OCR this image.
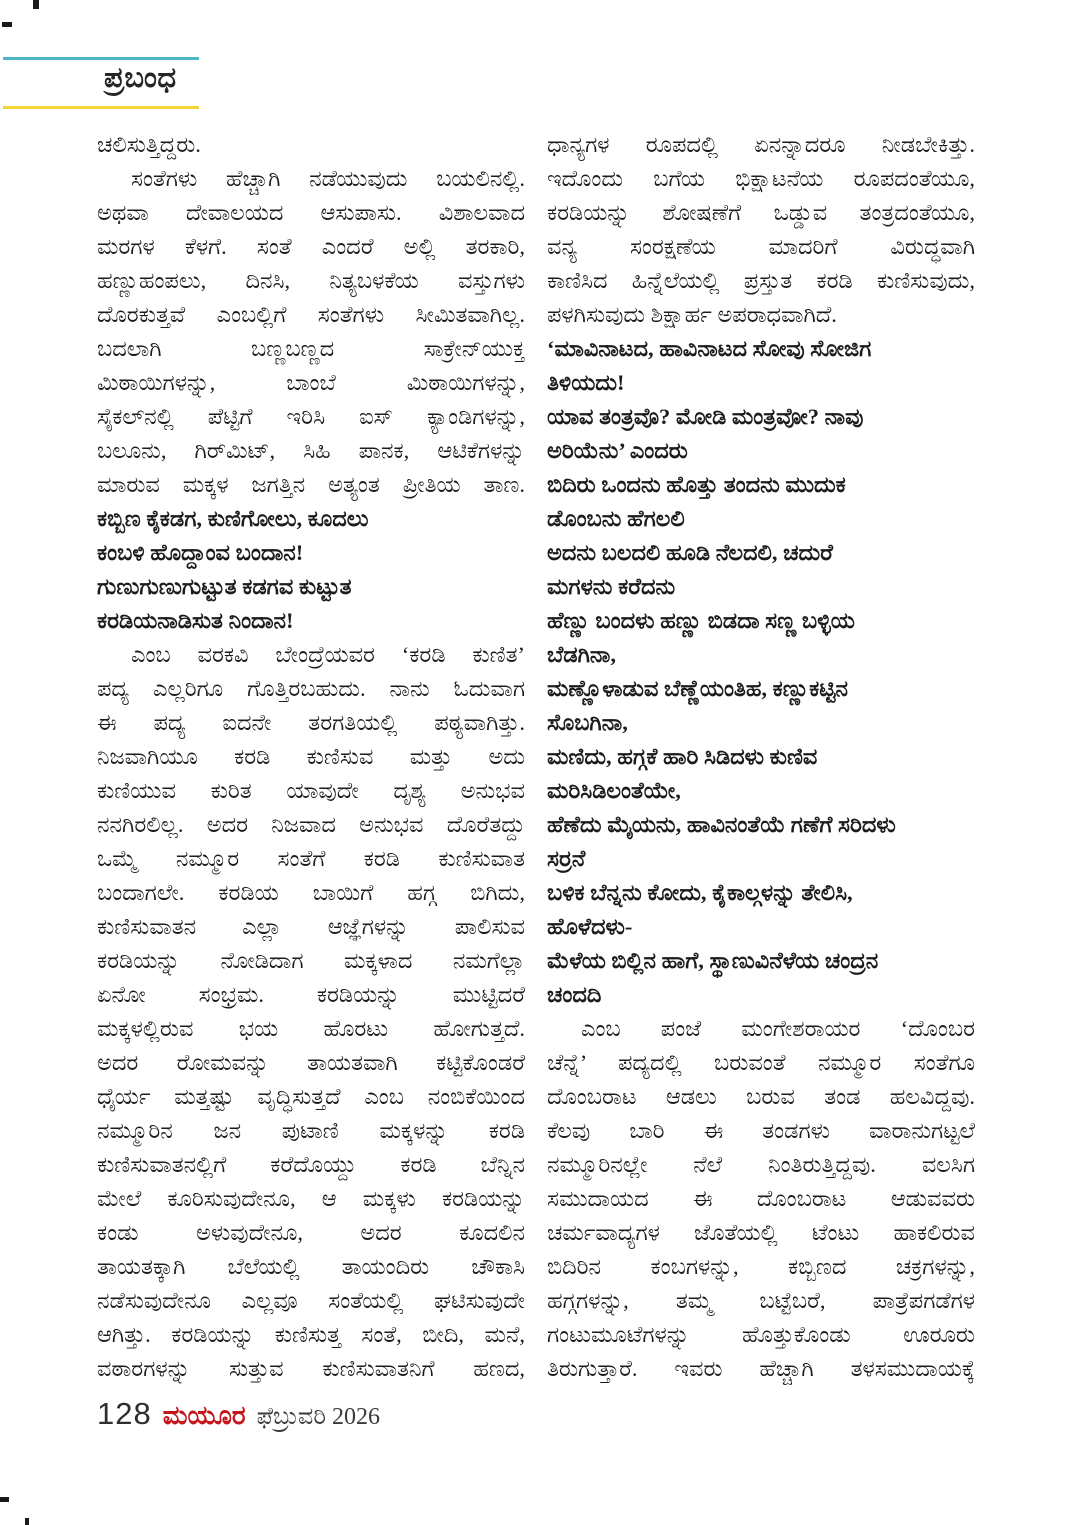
ಪ್ರಬಂಧ
ಚಲಿಸುತ್ತಿದ್ದರು.
ಸಂತೆಗಳು ಹೆಚ್ಚಾಗಿ ನಡೆಯುವುದು ಬಯಲಿನಲ್ಲಿ.
ಅಥವಾ ದೇವಾಲಯದ ಆಸುಪಾಸು. ವಿಶಾಲವಾದ
ಮರಗಳ ಕೆಳಗೆ. ಸಂತೆ ಎಂದರೆ ಅಲ್ಲಿ ತರಕಾರಿ,
ಹಣ್ಣುಹಂಪಲು, ದಿನಸಿ, ನಿತ್ಯಬಳಕೆಯ ವಸ್ತುಗಳು
ದೊರಕುತ್ತವೆ ಎಂಬಲ್ಲಿಗೆ ಸಂತೆಗಳು ಸೀಮಿತವಾಗಿಲ್ಲ.
ಬದಲಾಗಿ ಬಣ್ಣಬಣ್ಣದ ಸಾಕ್ರೇನ್‌ಯುಕ್ತ
ಮಿಠಾಯಿಗಳನ್ನು, ಬಾಂಬೆ ಮಿಠಾಯಿಗಳನ್ನು,
ಸೈಕಲ್‌ನಲ್ಲಿ ಪೆಟ್ಟಿಗೆ ಇರಿಸಿ ಐಸ್ ಕ್ಯಾಂಡಿಗಳನ್ನು,
ಬಲೂನು, ಗಿರ್‌ಮಿಟ್, ಸಿಹಿ ಪಾನಕ, ಆಟಿಕೆಗಳನ್ನು
ಮಾರುವ ಮಕ್ಕಳ ಜಗತ್ತಿನ ಅತ್ಯಂತ ಪ್ರೀತಿಯ ತಾಣ.
ಕಬ್ಬಿಣ ಕೈಕಡಗ, ಕುಣಿಗೋಲು, ಕೂದಲು
ಕಂಬಳಿ ಹೊದ್ದಾಂವ ಬಂದಾನ!
ಗುಣುಗುಣುಗುಟ್ಟುತ ಕಡಗವ ಕುಟ್ಟುತ
ಕರಡಿಯನಾಡಿಸುತ ನಿಂದಾನ!
ಎಂಬ ವರಕವಿ ಬೇಂದ್ರೆಯವರ ‘ಕರಡಿ ಕುಣಿತ’
ಪದ್ಯ ಎಲ್ಲರಿಗೂ ಗೊತ್ತಿರಬಹುದು. ನಾನು ಓದುವಾಗ
ಈ ಪದ್ಯ ಐದನೇ ತರಗತಿಯಲ್ಲಿ ಪಠ್ಯವಾಗಿತ್ತು.
ನಿಜವಾಗಿಯೂ ಕರಡಿ ಕುಣಿಸುವ ಮತ್ತು ಅದು
ಕುಣಿಯುವ ಕುರಿತ ಯಾವುದೇ ದೃಶ್ಯ ಅನುಭವ
ನನಗಿರಲಿಲ್ಲ. ಅದರ ನಿಜವಾದ ಅನುಭವ ದೊರೆತದ್ದು
ಒಮ್ಮೆ ನಮ್ಮೂರ ಸಂತೆಗೆ ಕರಡಿ ಕುಣಿಸುವಾತ
ಬಂದಾಗಲೇ. ಕರಡಿಯ ಬಾಯಿಗೆ ಹಗ್ಗ ಬಿಗಿದು,
ಕುಣಿಸುವಾತನ ಎಲ್ಲಾ ಆಜ್ಞೆಗಳನ್ನು ಪಾಲಿಸುವ
ಕರಡಿಯನ್ನು ನೋಡಿದಾಗ ಮಕ್ಕಳಾದ ನಮಗೆಲ್ಲಾ
ಏನೋ ಸಂಭ್ರಮ. ಕರಡಿಯನ್ನು ಮುಟ್ಟಿದರೆ
ಮಕ್ಕಳಲ್ಲಿರುವ ಭಯ ಹೊರಟು ಹೋಗುತ್ತದೆ.
ಅದರ ರೋಮವನ್ನು ತಾಯತವಾಗಿ ಕಟ್ಟಿಕೊಂಡರೆ
ಧೈರ್ಯ ಮತ್ತಷ್ಟು ವೃದ್ಧಿಸುತ್ತದೆ ಎಂಬ ನಂಬಿಕೆಯಿಂದ
ನಮ್ಮೂರಿನ ಜನ ಪುಟಾಣಿ ಮಕ್ಕಳನ್ನು ಕರಡಿ
ಕುಣಿಸುವಾತನಲ್ಲಿಗೆ ಕರೆದೊಯ್ದು ಕರಡಿ ಬೆನ್ನಿನ
ಮೇಲೆ ಕೂರಿಸುವುದೇನೂ, ಆ ಮಕ್ಕಳು ಕರಡಿಯನ್ನು
ಕಂಡು ಅಳುವುದೇನೂ, ಅದರ ಕೂದಲಿನ
ತಾಯತಕ್ಕಾಗಿ ಬೆಲೆಯಲ್ಲಿ ತಾಯಂದಿರು ಚೌಕಾಸಿ
ನಡೆಸುವುದೇನೂ ಎಲ್ಲವೂ ಸಂತೆಯಲ್ಲಿ ಘಟಿಸುವುದೇ
ಆಗಿತ್ತು. ಕರಡಿಯನ್ನು ಕುಣಿಸುತ್ತ ಸಂತೆ, ಬೀದಿ, ಮನೆ,
ವಠಾರಗಳನ್ನು ಸುತ್ತುವ ಕುಣಿಸುವಾತನಿಗೆ ಹಣದ,
ಧಾನ್ಯಗಳ ರೂಪದಲ್ಲಿ ಏನನ್ನಾದರೂ ನೀಡಬೇಕಿತ್ತು.
ಇದೊಂದು ಬಗೆಯ ಭಿಕ್ಷಾಟನೆಯ ರೂಪದಂತೆಯೂ,
ಕರಡಿಯನ್ನು ಶೋಷಣೆಗೆ ಒಡ್ಡುವ ತಂತ್ರದಂತೆಯೂ,
ವನ್ಯ ಸಂರಕ್ಷಣೆಯ ಮಾದರಿಗೆ ವಿರುದ್ಧವಾಗಿ
ಕಾಣಿಸಿದ ಹಿನ್ನೆಲೆಯಲ್ಲಿ ಪ್ರಸ್ತುತ ಕರಡಿ ಕುಣಿಸುವುದು,
ಪಳಗಿಸುವುದು ಶಿಕ್ಷಾರ್ಹ ಅಪರಾಧವಾಗಿದೆ.
‘ಮಾವಿನಾಟದ, ಹಾವಿನಾಟದ ಸೋವು ಸೋಜಿಗ
ತಿಳಿಯದು!
ಯಾವ ತಂತ್ರವೊ? ಮೋಡಿ ಮಂತ್ರವೋ? ನಾವು
ಅರಿಯೆನು’ ಎಂದರು
ಬಿದಿರು ಒಂದನು ಹೊತ್ತು ತಂದನು ಮುದುಕ
ಡೊಂಬನು ಹೆಗಲಲಿ
ಅದನು ಬಲದಲಿ ಹೂಡಿ ನೆಲದಲಿ, ಚದುರೆ
ಮಗಳನು ಕರೆದನು
ಹೆಣ್ಣು ಬಂದಳು ಹಣ್ಣು ಬಿಡದಾ ಸಣ್ಣ ಬಳ್ಳಿಯ
ಬೆಡಗಿನಾ,
ಮಣ್ಣೊಳಾಡುವ ಬೆಣ್ಣೆಯಂತಿಹ, ಕಣ್ಣುಕಟ್ಟಿನ
ಸೊಬಗಿನಾ,
ಮಣಿದು, ಹಗ್ಗಕೆ ಹಾರಿ ಸಿಡಿದಳು ಕುಣಿವ
ಮರಿಸಿಡಿಲಂತೆಯೇ,
ಹೆಣೆದು ಮೈಯನು, ಹಾವಿನಂತೆಯೆ ಗಣೆಗೆ ಸರಿದಳು
ಸರ್ರನೆ
ಬಳಿಕ ಬೆನ್ನನು ಕೋದು, ಕೈಕಾಲ್ಗಳನ್ನು ತೇಲಿಸಿ,
ಹೊಳೆದಳು-
ಮೆಳೆಯ ಬಿಲ್ಲಿನ ಹಾಗೆ, ಸ್ಥಾಣುವಿನೆಳೆಯ ಚಂದ್ರನ
ಚಂದದಿ
ಎಂಬ ಪಂಜೆ ಮಂಗೇಶರಾಯರ ‘ದೊಂಬರ
ಚೆನ್ನೆ’ ಪದ್ಯದಲ್ಲಿ ಬರುವಂತೆ ನಮ್ಮೂರ ಸಂತೆಗೂ
ದೊಂಬರಾಟ ಆಡಲು ಬರುವ ತಂಡ ಹಲವಿದ್ದವು.
ಕೆಲವು ಬಾರಿ ಈ ತಂಡಗಳು ವಾರಾನುಗಟ್ಟಲೆ
ನಮ್ಮೂರಿನಲ್ಲೇ ನೆಲೆ ನಿಂತಿರುತ್ತಿದ್ದವು. ವಲಸಿಗ
ಸಮುದಾಯದ ಈ ದೊಂಬರಾಟ ಆಡುವವರು
ಚರ್ಮವಾದ್ಯಗಳ ಜೊತೆಯಲ್ಲಿ ಟೆಂಟು ಹಾಕಲಿರುವ
ಬಿದಿರಿನ ಕಂಬಗಳನ್ನು, ಕಬ್ಬಿಣದ ಚಕ್ರಗಳನ್ನು,
ಹಗ್ಗಗಳನ್ನು, ತಮ್ಮ ಬಟ್ಟೆಬರೆ, ಪಾತ್ರೆಪಗಡೆಗಳ
ಗಂಟುಮೂಟೆಗಳನ್ನು ಹೊತ್ತುಕೊಂಡು ಊರೂರು
ತಿರುಗುತ್ತಾರೆ. ಇವರು ಹೆಚ್ಚಾಗಿ ತಳಸಮುದಾಯಕ್ಕೆ
128 ಮಯೂರ ಫೆಬ್ರುವರಿ 2026
